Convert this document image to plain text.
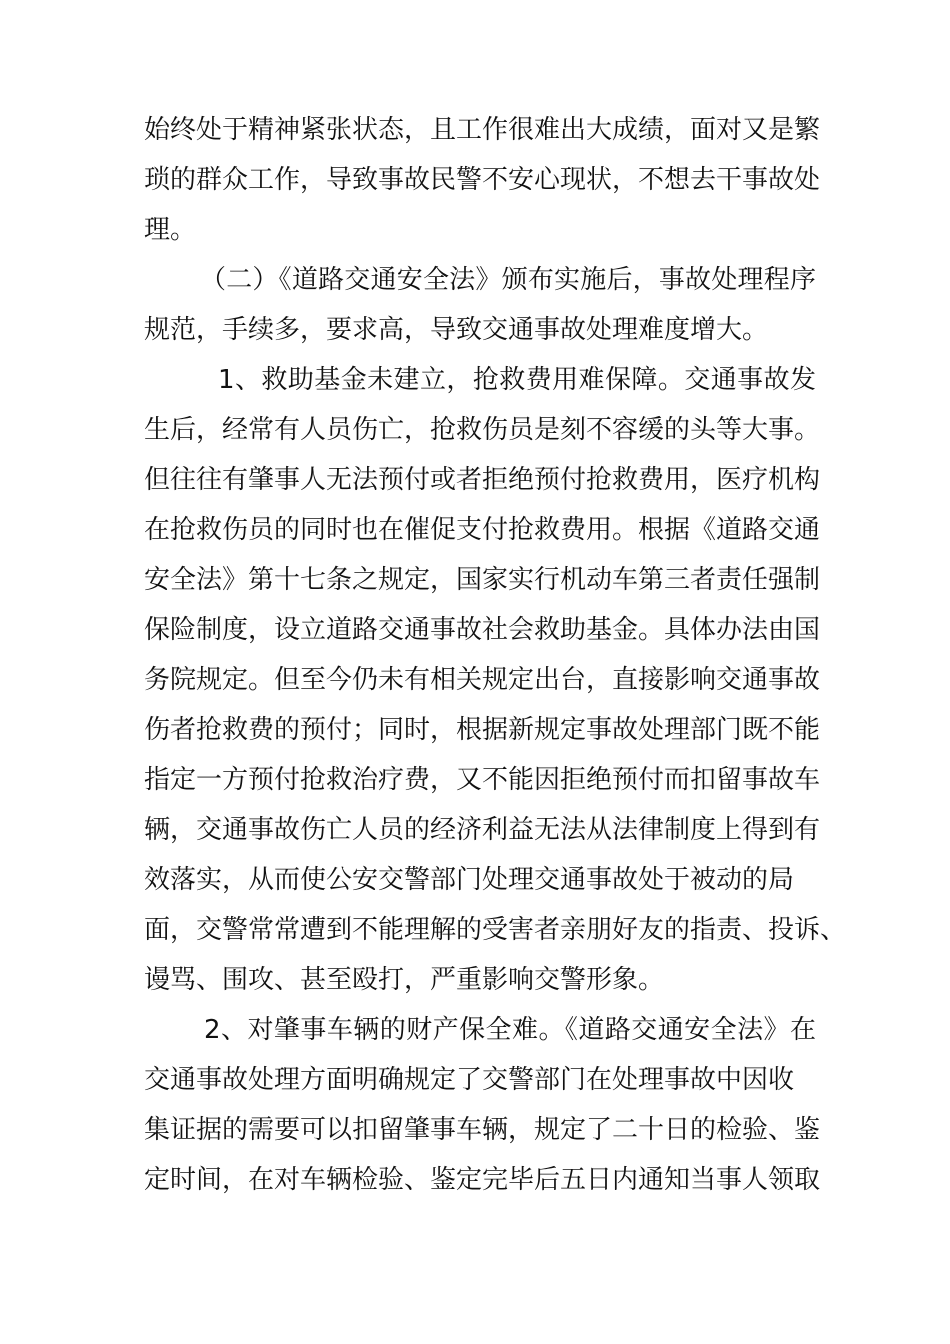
始终处于精神紧张状态，且工作很难出大成绩，面对又是繁
琐的群众工作，导致事故民警不安心现状，不想去干事故处
理。
（二）《道路交通安全法》颁布实施后，事故处理程序
规范，手续多，要求高，导致交通事故处理难度增大。
1、救助基金未建立，抢救费用难保障。交通事故发
生后，经常有人员伤亡，抢救伤员是刻不容缓的头等大事。
但往往有肇事人无法预付或者拒绝预付抢救费用，医疗机构
在抢救伤员的同时也在催促支付抢救费用。根据《道路交通
安全法》第十七条之规定，国家实行机动车第三者责任强制
保险制度，设立道路交通事故社会救助基金。具体办法由国
务院规定。但至今仍未有相关规定出台，直接影响交通事故
伤者抢救费的预付；同时，根据新规定事故处理部门既不能
指定一方预付抢救治疗费，又不能因拒绝预付而扣留事故车
辆，交通事故伤亡人员的经济利益无法从法律制度上得到有
效落实，从而使公安交警部门处理交通事故处于被动的局
面，交警常常遭到不能理解的受害者亲朋好友的指责、投诉、
谩骂、围攻、甚至殴打，严重影响交警形象。
2、对肇事车辆的财产保全难。《道路交通安全法》在
交通事故处理方面明确规定了交警部门在处理事故中因收
集证据的需要可以扣留肇事车辆，规定了二十日的检验、鉴
定时间，在对车辆检验、鉴定完毕后五日内通知当事人领取
